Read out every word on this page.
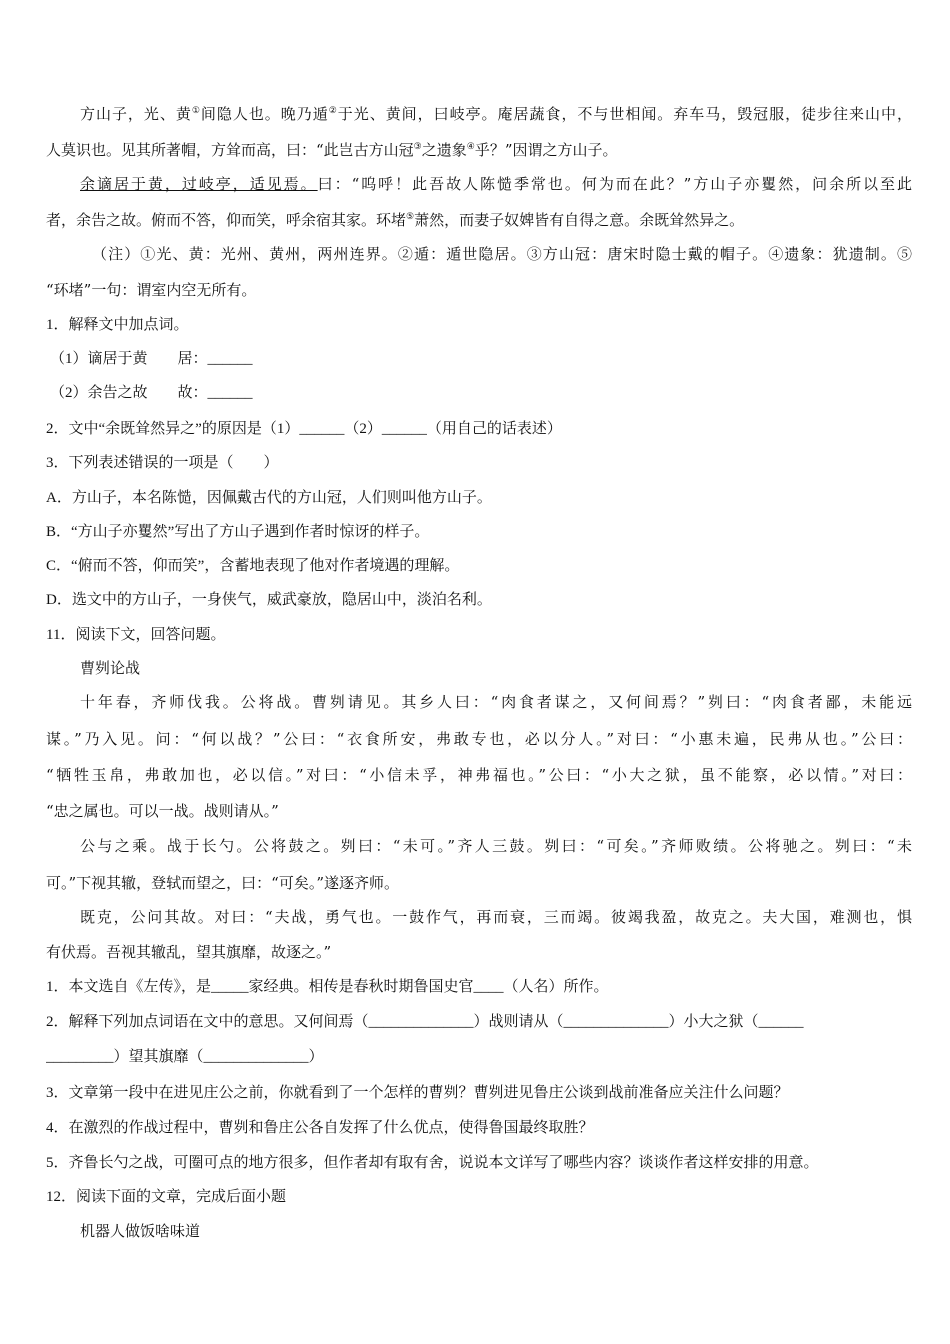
方山子，光、黄①间隐人也。晚乃遁②于光、黄间，曰岐亭。庵居蔬食，不与世相闻。弃车马，毁冠服，徒步往来山中，
人莫识也。见其所著帽，方耸而高，曰：“此岂古方山冠③之遗象④乎？”因谓之方山子。
余谪居于黄，过岐亭，适见焉。曰：“呜呼！此吾故人陈慥季常也。何为而在此？”方山子亦矍然，问余所以至此
者，余告之故。俯而不答，仰而笑，呼余宿其家。环堵⑤萧然，而妻子奴婢皆有自得之意。余既耸然异之。
（注）①光、黄：光州、黄州，两州连界。②遁：遁世隐居。③方山冠：唐宋时隐士戴的帽子。④遗象：犹遗制。⑤
“环堵”一句：谓室内空无所有。
1．解释文中加点词。
（1）谪居于黄　　居：______
（2）余告之故　　故：______
2．文中“余既耸然异之”的原因是（1）______（2）______（用自己的话表述）
3．下列表述错误的一项是（　　）
A．方山子，本名陈慥，因佩戴古代的方山冠，人们则叫他方山子。
B．“方山子亦矍然”写出了方山子遇到作者时惊讶的样子。
C．“俯而不答，仰而笑”，含蓄地表现了他对作者境遇的理解。
D．选文中的方山子，一身侠气，威武豪放，隐居山中，淡泊名利。
11．阅读下文，回答问题。
曹刿论战
十年春，齐师伐我。公将战。曹刿请见。其乡人曰：“肉食者谋之，又何间焉？”刿曰：“肉食者鄙，未能远
谋。”乃入见。问：“何以战？”公曰：“衣食所安，弗敢专也，必以分人。”对曰：“小惠未遍，民弗从也。”公曰：
“牺牲玉帛，弗敢加也，必以信。”对曰：“小信未孚，神弗福也。”公曰：“小大之狱，虽不能察，必以情。”对曰：
“忠之属也。可以一战。战则请从。”
公与之乘。战于长勺。公将鼓之。刿曰：“未可。”齐人三鼓。刿曰：“可矣。”齐师败绩。公将驰之。刿曰：“未
可。”下视其辙，登轼而望之，曰：“可矣。”遂逐齐师。
既克，公问其故。对曰：“夫战，勇气也。一鼓作气，再而衰，三而竭。彼竭我盈，故克之。夫大国，难测也，惧
有伏焉。吾视其辙乱，望其旗靡，故逐之。”
1．本文选自《左传》，是_____家经典。相传是春秋时期鲁国史官____（人名）所作。
2．解释下列加点词语在文中的意思。又何间焉（______________）战则请从（______________）小大之狱（______
_________）望其旗靡（______________）
3．文章第一段中在进见庄公之前，你就看到了一个怎样的曹刿？曹刿进见鲁庄公谈到战前准备应关注什么问题？
4．在激烈的作战过程中，曹刿和鲁庄公各自发挥了什么优点，使得鲁国最终取胜？
5．齐鲁长勺之战，可圈可点的地方很多，但作者却有取有舍，说说本文详写了哪些内容？谈谈作者这样安排的用意。
12．阅读下面的文章，完成后面小题
机器人做饭啥味道
